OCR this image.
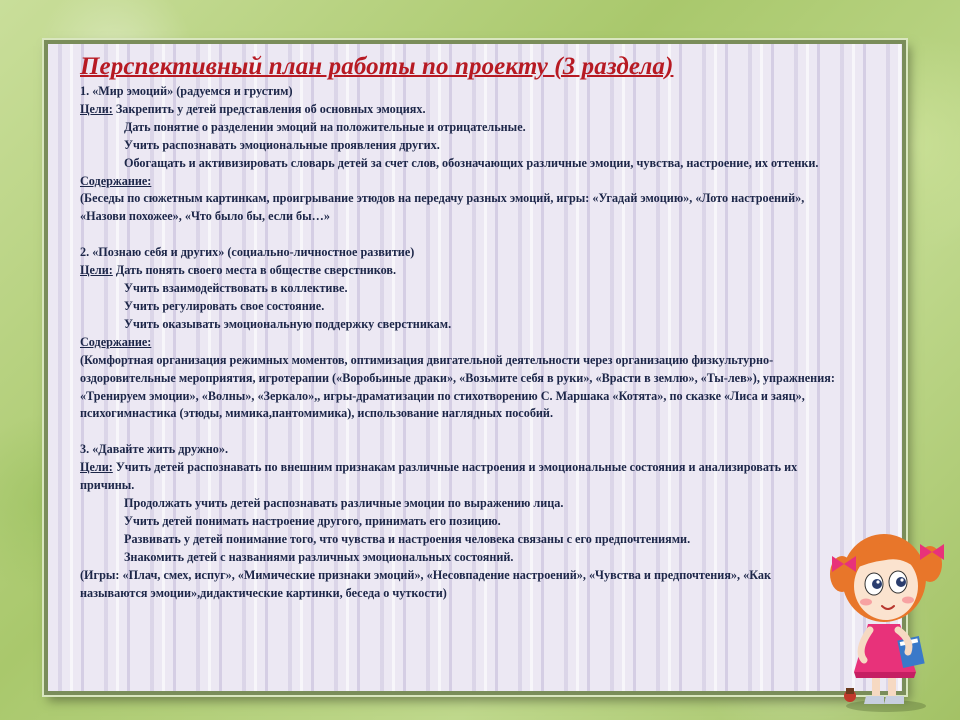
Перспективный план работы по проекту (3 раздела)
1. «Мир эмоций» (радуемся и грустим)
Цели: Закрепить у детей представления об основных эмоциях.
Дать понятие о разделении эмоций на положительные и отрицательные.
Учить распознавать эмоциональные проявления других.
Обогащать и активизировать словарь детей за счет слов, обозначающих различные эмоции, чувства, настроение, их оттенки.
Содержание:
(Беседы по сюжетным картинкам, проигрывание этюдов на передачу разных эмоций, игры: «Угадай эмоцию», «Лото настроений», «Назови похожее», «Что было бы, если бы…»
2. «Познаю себя и других» (социально-личностное развитие)
Цели: Дать понять своего места в обществе сверстников.
Учить взаимодействовать в коллективе.
Учить регулировать свое состояние.
Учить оказывать эмоциональную поддержку сверстникам.
Содержание:
(Комфортная организация режимных моментов, оптимизация двигательной деятельности через организацию физкультурно-оздоровительные мероприятия, игротерапии («Воробьиные драки», «Возьмите себя в руки», «Врасти в землю», «Ты-лев»), упражнения: «Тренируем эмоции», «Волны», «Зеркало»,, игры-драматизации по стихотворению С. Маршака «Котята», по сказке «Лиса и заяц», психогимнастика (этюды, мимика,пантомимика), использование наглядных пособий.
3. «Давайте жить дружно».
Цели: Учить детей распознавать по внешним признакам различные настроения и эмоциональные состояния и анализировать их причины.
Продолжать учить детей распознавать различные эмоции по выражению лица.
Учить детей понимать настроение другого, принимать его позицию.
Развивать у детей понимание того, что чувства и настроения человека связаны с его предпочтениями.
Знакомить детей с названиями различных эмоциональных состояний.
(Игры: «Плач, смех, испуг», «Мимические признаки эмоций», «Несовпадение настроений», «Чувства и предпочтения», «Как называются эмоции»,дидактические картинки, беседа о чуткости)
